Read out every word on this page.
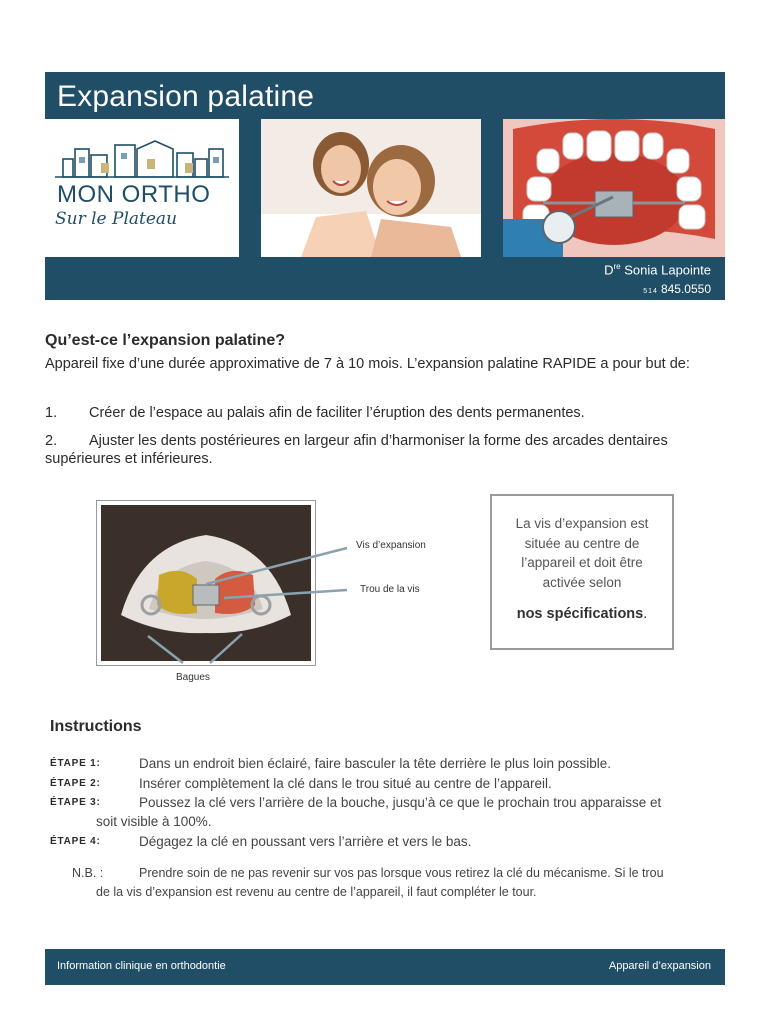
Expansion palatine
MON ORTHO
Sur le Plateau
Dre Sonia Lapointe
514 845.0550
Qu’est-ce l’expansion palatine?
Appareil fixe d’une durée approximative de 7 à 10 mois. L’expansion palatine RAPIDE a pour but de:
1. Créer de l’espace au palais afin de faciliter l’éruption des dents permanentes.
2. Ajuster les dents postérieures en largeur afin d’harmoniser la forme des arcades dentaires supérieures et inférieures.
Vis d’expansion
Trou de la vis
Bagues
La vis d’expansion est située au centre de l’appareil et doit être activée selon
nos spécifications.
Instructions
ÉTAPE 1:	Dans un endroit bien éclairé, faire basculer la tête derrière le plus loin possible.
ÉTAPE 2:	Insérer complètement la clé dans le trou situé au centre de l’appareil.
ÉTAPE 3:	Poussez la clé vers l’arrière de la bouche, jusqu’à ce que le prochain trou apparaisse et
soit visible à 100%.
ÉTAPE 4:	Dégagez la clé en poussant vers l’arrière et vers le bas.
N.B. :	Prendre soin de ne pas revenir sur vos pas lorsque vous retirez la clé du mécanisme. Si le trou
de la vis d’expansion est revenu au centre de l’appareil, il faut compléter le tour.
Information clinique en orthodontie	Appareil d’expansion
